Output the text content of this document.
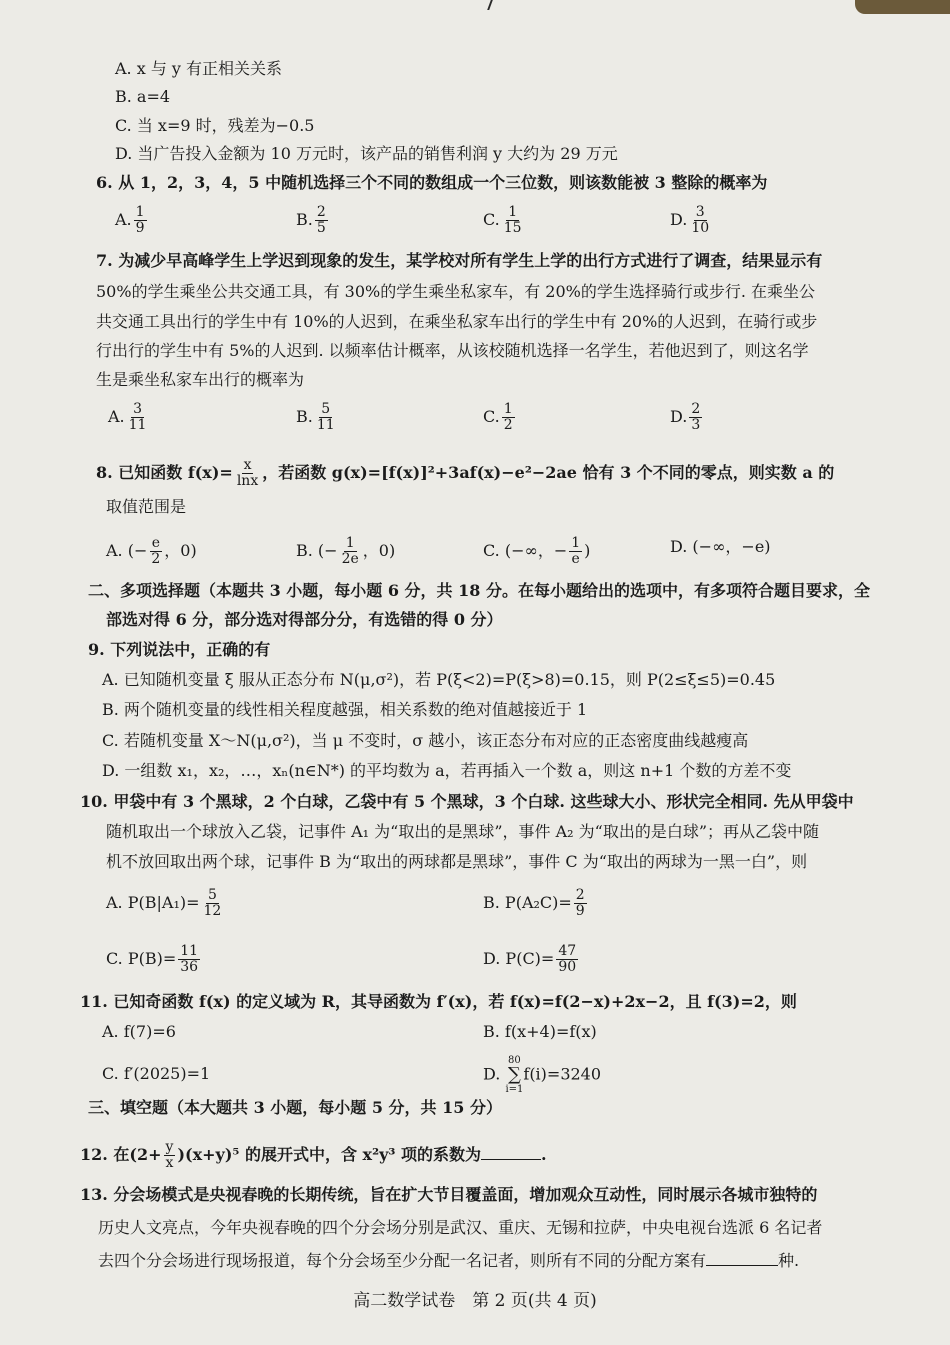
A. x 与 y 有正相关关系
B. a=4
C. 当 x=9 时，残差为−0.5
D. 当广告投入金额为 10 万元时，该产品的销售利润 y 大约为 29 万元
6. 从 1，2，3，4，5 中随机选择三个不同的数组成一个三位数，则该数能被 3 整除的概率为
A. $\frac{1}{9}$	B. $\frac{2}{5}$	C. $\frac{1}{15}$	D. $\frac{3}{10}$
7. 为减少早高峰学生上学迟到现象的发生，某学校对所有学生上学的出行方式进行了调查，结果显示有
50%的学生乘坐公共交通工具，有 30%的学生乘坐私家车，有 20%的学生选择骑行或步行. 在乘坐公
共交通工具出行的学生中有 10%的人迟到，在乘坐私家车出行的学生中有 20%的人迟到，在骑行或步
行出行的学生中有 5%的人迟到. 以频率估计概率，从该校随机选择一名学生，若他迟到了，则这名学
生是乘坐私家车出行的概率为
A. $\frac{3}{11}$	B. $\frac{5}{11}$	C. $\frac{1}{2}$	D. $\frac{2}{3}$
8. 已知函数 $f(x)= \frac{x}{\ln x}$ ，若函数 g(x)=[f(x)]²+3af(x)−e²−2ae 恰有 3 个不同的零点，则实数 a 的
取值范围是
A. (− $\frac{e}{2}$ ，0)	B. (− $\frac{1}{2e}$ ，0)	C. (−∞，− $\frac{1}{e}$ )	D. (−∞，−e)
二、多项选择题（本题共 3 小题，每小题 6 分，共 18 分。在每小题给出的选项中，有多项符合题目要求，全
部选对得 6 分，部分选对得部分分，有选错的得 0 分）
9. 下列说法中，正确的有
A. 已知随机变量 ξ 服从正态分布 N(μ,σ²)，若 P(ξ<2)=P(ξ>8)=0.15，则 P(2≤ξ≤5)=0.45
B. 两个随机变量的线性相关程度越强，相关系数的绝对值越接近于 1
C. 若随机变量 X～N(μ,σ²)，当 μ 不变时，σ 越小，该正态分布对应的正态密度曲线越瘦高
D. 一组数 x₁，x₂，…，xₙ(n∈N*) 的平均数为 a，若再插入一个数 a，则这 n+1 个数的方差不变
10. 甲袋中有 3 个黑球，2 个白球，乙袋中有 5 个黑球，3 个白球. 这些球大小、形状完全相同. 先从甲袋中
随机取出一个球放入乙袋，记事件 A₁ 为“取出的是黑球”，事件 A₂ 为“取出的是白球”；再从乙袋中随
机不放回取出两个球，记事件 B 为“取出的两球都是黑球”，事件 C 为“取出的两球为一黑一白”，则
A. $P(B|A_1)= \frac{5}{12}$	B. $P(A_2C)= \frac{2}{9}$
C. $P(B)= \frac{11}{36}$	D. $P(C)= \frac{47}{90}$
11. 已知奇函数 f(x) 的定义域为 R，其导函数为 f′(x)，若 f(x)=f(2−x)+2x−2，且 f(3)=2，则
A. f(7)=6	B. f(x+4)=f(x)
C. f′(2025)=1	D.
80
∑
i=1
f(i)=3240
三、填空题（本大题共 3 小题，每小题 5 分，共 15 分）
12. 在$(2+ \frac{y}{x} )(x+y)^5$ 的展开式中，含 x²y³ 项的系数为	.
13. 分会场模式是央视春晚的长期传统，旨在扩大节目覆盖面，增加观众互动性，同时展示各城市独特的
历史人文亮点，今年央视春晚的四个分会场分别是武汉、重庆、无锡和拉萨，中央电视台选派 6 名记者
去四个分会场进行现场报道，每个分会场至少分配一名记者，则所有不同的分配方案有	种.
高二数学试卷　第 2 页(共 4 页)
